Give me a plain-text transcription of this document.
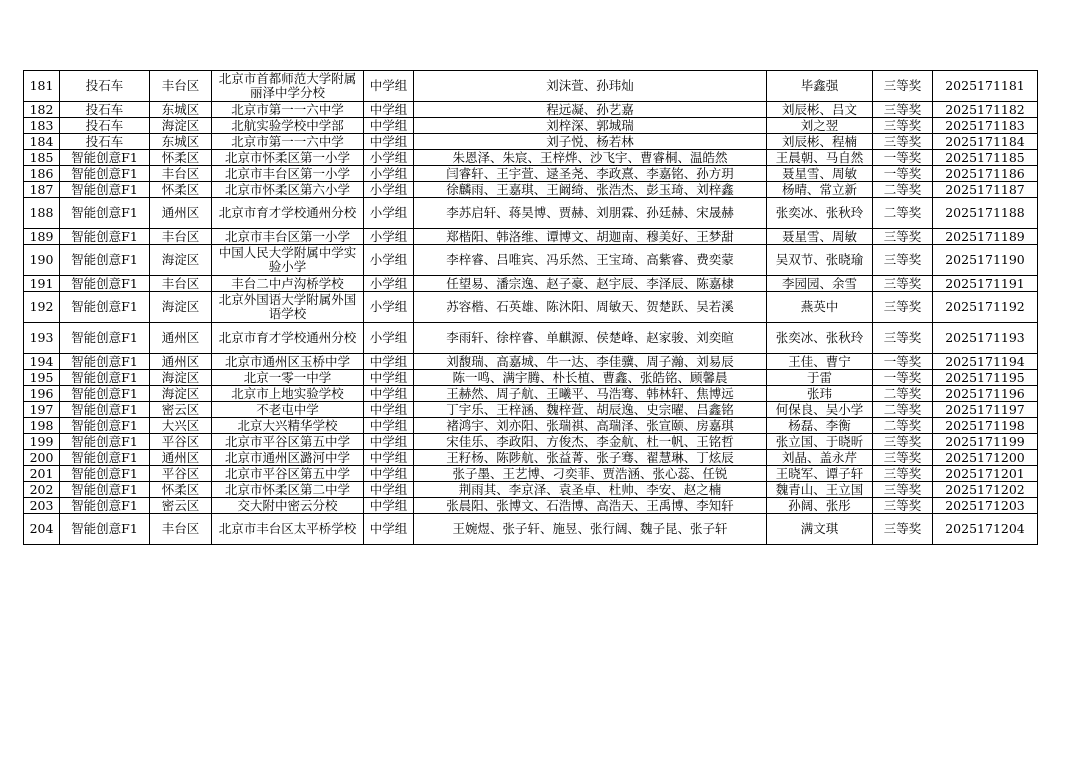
181	投石车	丰台区	北京市首都师范大学附属丽泽中学分校	中学组	刘沫萱、孙玮灿	毕鑫强	三等奖	2025171181
182	投石车	东城区	北京市第一一六中学	中学组	程远凝、孙艺嘉	刘辰彬、吕文	三等奖	2025171182
183	投石车	海淀区	北航实验学校中学部	中学组	刘梓深、郭城瑞	刘之翌	三等奖	2025171183
184	投石车	东城区	北京市第一一六中学	中学组	刘子悦、杨若林	刘辰彬、程楠	三等奖	2025171184
185	智能创意F1	怀柔区	北京市怀柔区第一小学	小学组	朱恩泽、朱宸、王梓烨、沙飞宇、曹睿桐、温皓然	王晨朝、马自然	一等奖	2025171185
186	智能创意F1	丰台区	北京市丰台区第一小学	小学组	闫睿轩、王宇萱、逯圣尧、李政熹、李嘉铭、孙方玥	聂星雪、周敏	一等奖	2025171186
187	智能创意F1	怀柔区	北京市怀柔区第六小学	小学组	徐麟雨、王嘉琪、王阚绮、张浩杰、彭玉琦、刘梓鑫	杨晴、常立新	二等奖	2025171187
188	智能创意F1	通州区	北京市育才学校通州分校	小学组	李苏启轩、蒋昊博、贾赫、刘朋霖、孙廷赫、宋晟赫	张奕冰、张秋玲	二等奖	2025171188
189	智能创意F1	丰台区	北京市丰台区第一小学	小学组	郑楷阳、韩洛维、谭博文、胡迦南、穆美好、王梦甜	聂星雪、周敏	三等奖	2025171189
190	智能创意F1	海淀区	中国人民大学附属中学实验小学	小学组	李梓睿、吕唯宾、冯乐然、王宝琦、高紫睿、费奕蒙	吴双节、张晓瑜	三等奖	2025171190
191	智能创意F1	丰台区	丰台二中卢沟桥学校	小学组	任望易、潘宗逸、赵子豪、赵宇辰、李泽辰、陈嘉棣	李园园、余雪	三等奖	2025171191
192	智能创意F1	海淀区	北京外国语大学附属外国语学校	小学组	苏容楷、石英雄、陈沐阳、周敏天、贺楚跃、吴若溪	燕英中	三等奖	2025171192
193	智能创意F1	通州区	北京市育才学校通州分校	小学组	李雨轩、徐梓睿、单麒源、侯楚峰、赵家骏、刘奕暄	张奕冰、张秋玲	三等奖	2025171193
194	智能创意F1	通州区	北京市通州区玉桥中学	中学组	刘馥瑞、高嘉城、牛一达、李佳骥、周子瀚、刘易辰	王佳、曹宁	一等奖	2025171194
195	智能创意F1	海淀区	北京一零一中学	中学组	陈一鸣、满宇腾、朴长植、曹鑫、张皓铭、顾馨晨	于雷	一等奖	2025171195
196	智能创意F1	海淀区	北京市上地实验学校	中学组	王赫然、周子航、王曦平、马浩骞、韩林轩、焦博远	张玮	二等奖	2025171196
197	智能创意F1	密云区	不老屯中学	中学组	丁宇乐、王梓涵、魏梓萱、胡辰逸、史宗曜、吕鑫铭	何保良、吴小学	二等奖	2025171197
198	智能创意F1	大兴区	北京大兴精华学校	中学组	褚鸿宇、刘亦阳、张瑞祺、高瑞泽、张宣颐、房嘉琪	杨磊、李衡	二等奖	2025171198
199	智能创意F1	平谷区	北京市平谷区第五中学	中学组	宋佳乐、李政阳、方俊杰、李金航、杜一帆、王铭哲	张立国、于晓昕	三等奖	2025171199
200	智能创意F1	通州区	北京市通州区潞河中学	中学组	王籽杨、陈陟航、张益菁、张子骞、翟慧琳、丁炫辰	刘晶、盖永芹	三等奖	2025171200
201	智能创意F1	平谷区	北京市平谷区第五中学	中学组	张子墨、王艺博、刁奕菲、贾浩涵、张心蕊、任锐	王晓军、谭子轩	三等奖	2025171201
202	智能创意F1	怀柔区	北京市怀柔区第二中学	中学组	荆雨其、李京泽、袁圣卓、杜帅、李安、赵之楠	魏青山、王立国	三等奖	2025171202
203	智能创意F1	密云区	交大附中密云分校	中学组	张晨阳、张博文、石浩博、高浩天、王禹博、李知轩	孙阔、张彤	三等奖	2025171203
204	智能创意F1	丰台区	北京市丰台区太平桥学校	中学组	王婉煜、张子轩、施昱、张行阔、魏子昆、张子轩	满文琪	三等奖	2025171204
